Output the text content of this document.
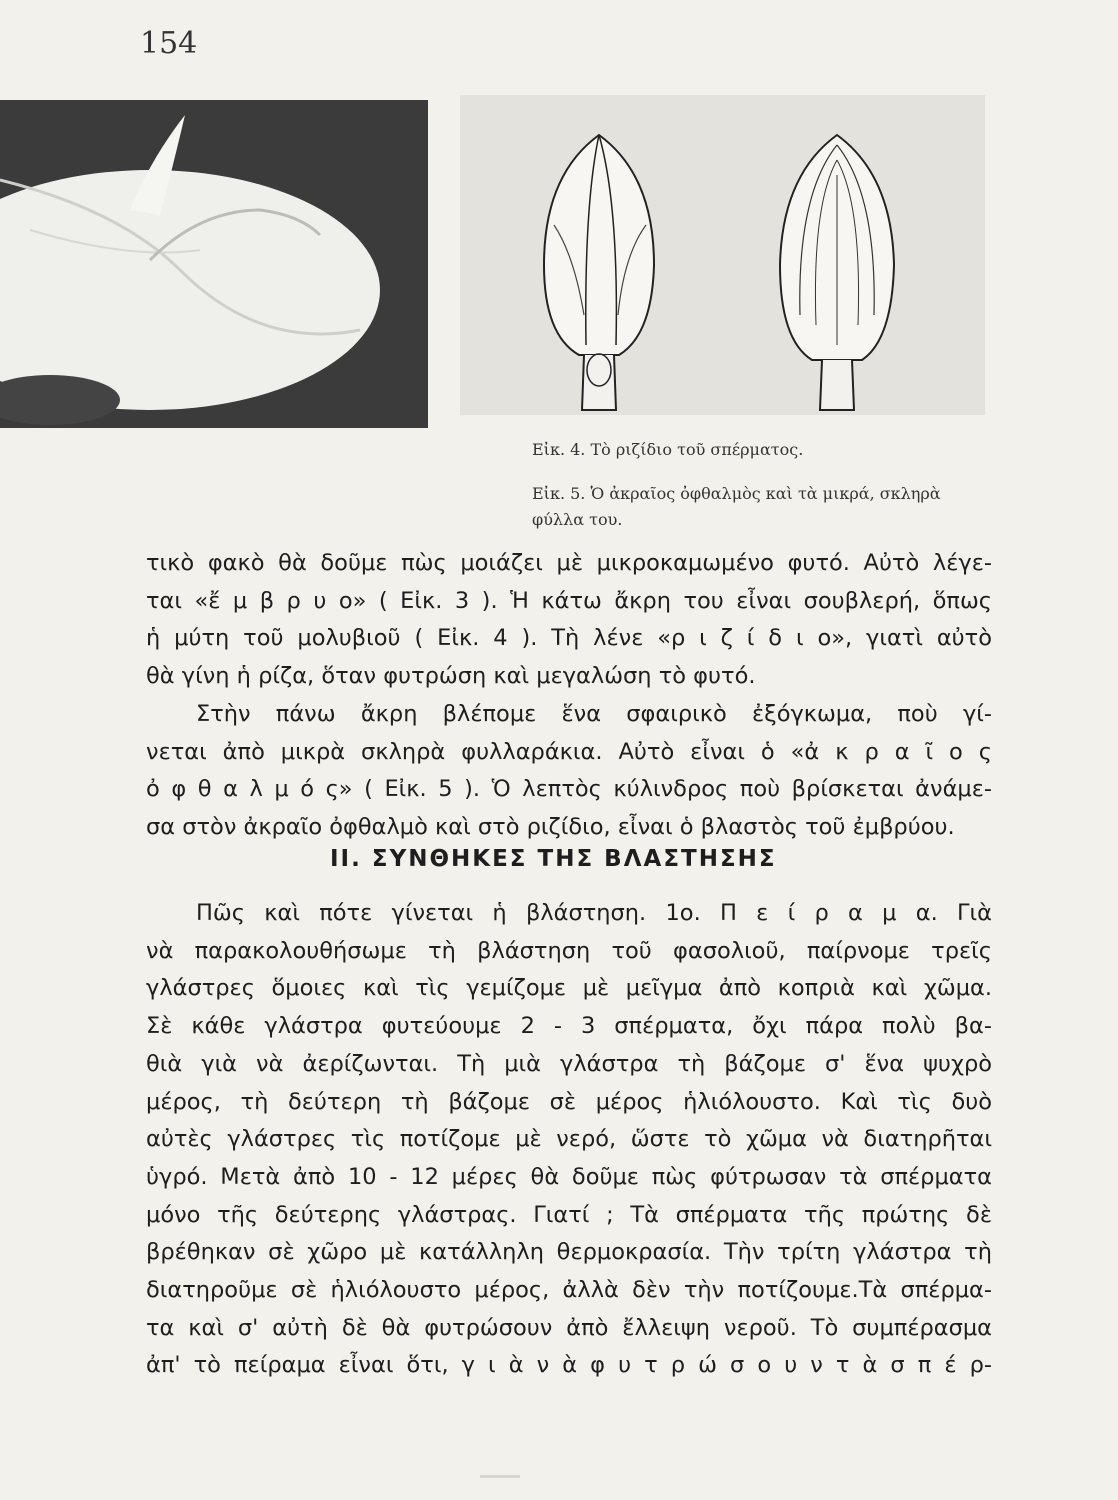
154
Εἰκ. 4. Τὸ ριζίδιο τοῦ σπέρματος.
Εἰκ. 5. Ὁ ἀκραῖος ὀφθαλμὸς καὶ τὰ μικρά, σκληρὰ
φύλλα του.

τικὸ φακὸ θὰ δοῦμε πὼς μοιάζει μὲ μικροκαμωμένο φυτό. Αὐτὸ λέγε-
ται «ἔ μ β ρ υ ο» ( Εἰκ. 3 ). Ἡ κάτω ἄκρη του εἶναι σουβλερή, ὅπως
ἡ μύτη τοῦ μολυβιοῦ ( Εἰκ. 4 ). Τὴ λένε «ρ ι ζ ί δ ι ο», γιατὶ αὐτὸ
θὰ γίνη ἡ ρίζα, ὅταν φυτρώση καὶ μεγαλώση τὸ φυτό.

Στὴν πάνω ἄκρη βλέπομε ἕνα σφαιρικὸ ἐξόγκωμα, ποὺ γί-
νεται ἀπὸ μικρὰ σκληρὰ φυλλαράκια. Αὐτὸ εἶναι ὁ «ἀ κ ρ α ῖ ο ς
ὀ φ θ α λ μ ό ς» ( Εἰκ. 5 ). Ὁ λεπτὸς κύλινδρος ποὺ βρίσκεται ἀνάμε-
σα στὸν ἀκραῖο ὀφθαλμὸ καὶ στὸ ριζίδιο, εἶναι ὁ βλαστὸς τοῦ ἐμβρύου.

II. ΣΥΝΘΗΚΕΣ ΤΗΣ ΒΛΑΣΤΗΣΗΣ

Πῶς καὶ πότε γίνεται ἡ βλάστηση. 1ο. Π ε ί ρ α μ α. Γιὰ
νὰ παρακολουθήσωμε τὴ βλάστηση τοῦ φασολιοῦ, παίρνομε τρεῖς
γλάστρες ὅμοιες καὶ τὶς γεμίζομε μὲ μεῖγμα ἀπὸ κοπριὰ καὶ χῶμα.
Σὲ κάθε γλάστρα φυτεύουμε 2 - 3 σπέρματα, ὄχι πάρα πολὺ βα-
θιὰ γιὰ νὰ ἀερίζωνται. Τὴ μιὰ γλάστρα τὴ βάζομε σ' ἕνα ψυχρὸ
μέρος, τὴ δεύτερη τὴ βάζομε σὲ μέρος ἡλιόλουστο. Καὶ τὶς δυὸ
αὐτὲς γλάστρες τὶς ποτίζομε μὲ νερό, ὥστε τὸ χῶμα νὰ διατηρῆται
ὑγρό. Μετὰ ἀπὸ 10 - 12 μέρες θὰ δοῦμε πὼς φύτρωσαν τὰ σπέρματα
μόνο τῆς δεύτερης γλάστρας. Γιατί ; Τὰ σπέρματα τῆς πρώτης δὲ
βρέθηκαν σὲ χῶρο μὲ κατάλληλη θερμοκρασία. Τὴν τρίτη γλάστρα τὴ
διατηροῦμε σὲ ἡλιόλουστο μέρος, ἀλλὰ δὲν τὴν ποτίζουμε.Τὰ σπέρμα-
τα καὶ σ' αὐτὴ δὲ θὰ φυτρώσουν ἀπὸ ἔλλειψη νεροῦ. Τὸ συμπέρασμα
ἀπ' τὸ πείραμα εἶναι ὅτι, γ ι ὰ ν ὰ φ υ τ ρ ώ σ ο υ ν τ ὰ σ π έ ρ-
